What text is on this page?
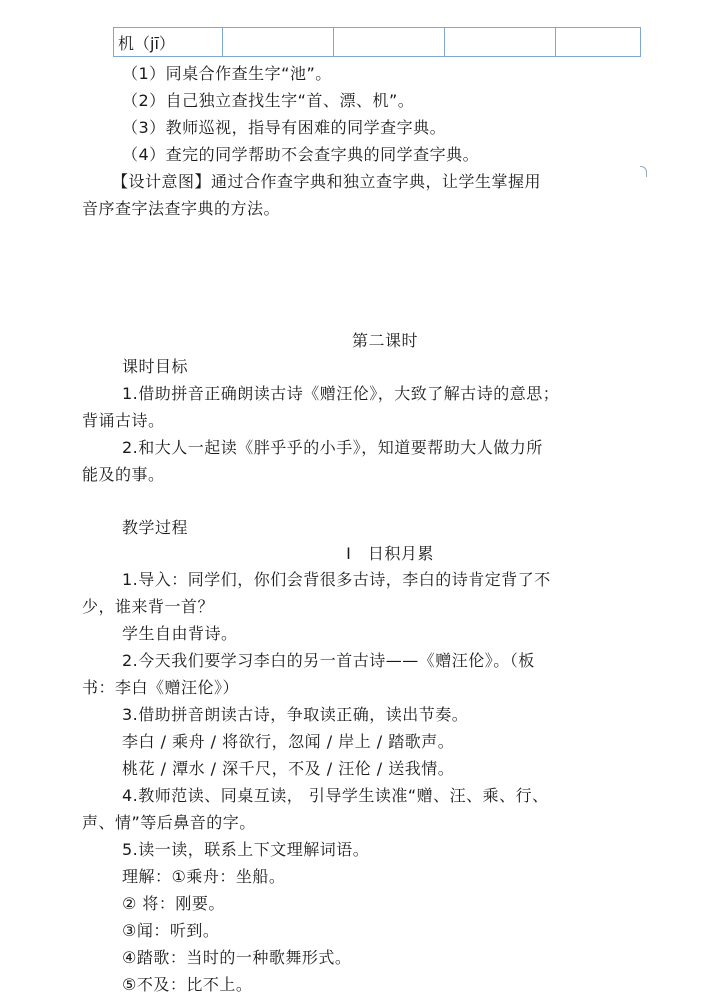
机（jī）				
（1）同桌合作查生字“池”。
（2）自己独立查找生字“首、漂、机”。
（3）教师巡视，指导有困难的同学查字典。
（4）查完的同学帮助不会查字典的同学查字典。
【设计意图】通过合作查字典和独立查字典，让学生掌握用
音序查字法查字典的方法。
第二课时
课时目标
1.借助拼音正确朗读古诗《赠汪伦》，大致了解古诗的意思；
背诵古诗。
2.和大人一起读《胖乎乎的小手》，知道要帮助大人做力所
能及的事。
教学过程
Ⅰ　日积月累
1.导入：同学们，你们会背很多古诗，李白的诗肯定背了不
少，谁来背一首？
学生自由背诗。
2.今天我们要学习李白的另一首古诗——《赠汪伦》。（板
书：李白《赠汪伦》）
3.借助拼音朗读古诗，争取读正确，读出节奏。
李白 / 乘舟 / 将欲行，忽闻 / 岸上 / 踏歌声。
桃花 / 潭水 / 深千尺，不及 / 汪伦 / 送我情。
4.教师范读、同桌互读， 引导学生读准“赠、汪、乘、行、
声、情”等后鼻音的字。
5.读一读，联系上下文理解词语。
理解：①乘舟：坐船。
② 将：刚要。
③闻：听到。
④踏歌：当时的一种歌舞形式。
⑤不及：比不上。
